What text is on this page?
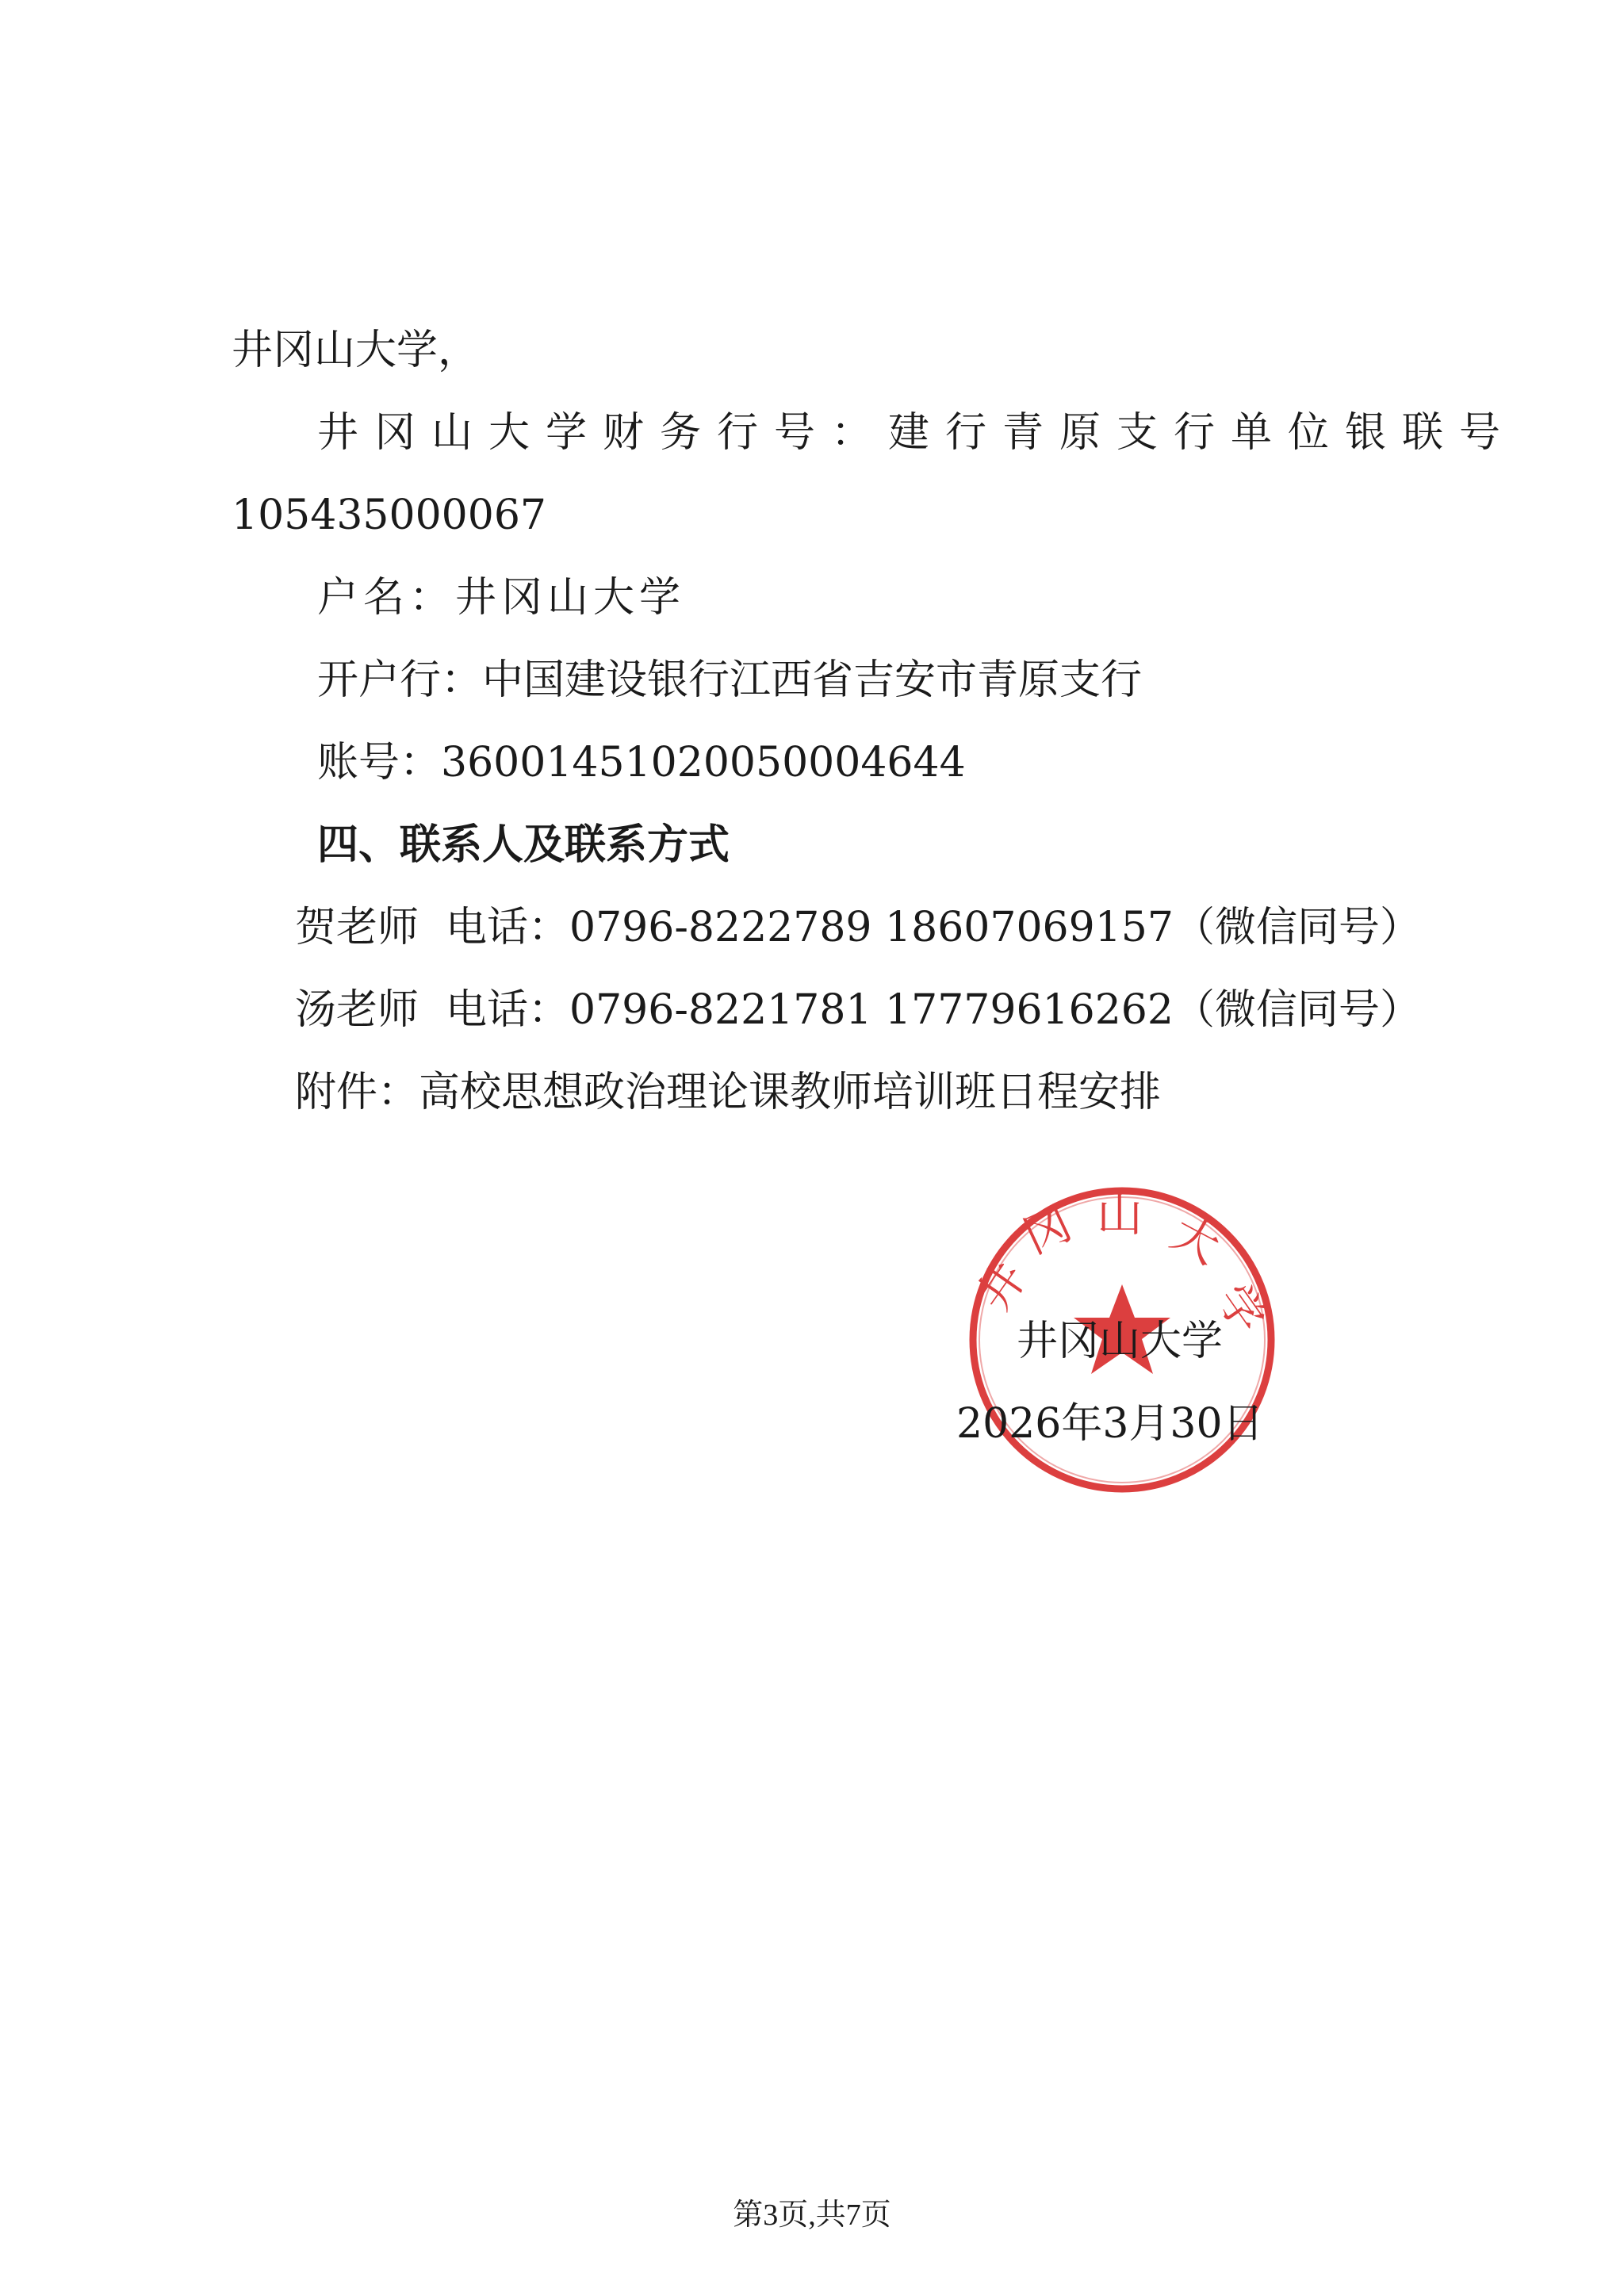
井冈山大学，
井冈山大学财务行号：建行青原支行单位银联号
105435000067
户名：井冈山大学
开户行：中国建设银行江西省吉安市青原支行
账号：36001451020050004644
四、联系人及联系方式
贺老师 电话：0796-8222789 18607069157（微信同号）
汤老师 电话：0796-8221781 17779616262（微信同号）
附件：高校思想政治理论课教师培训班日程安排
井
冈 山 大
学
井冈山大学
2026年3月30日
第3页,共7页
